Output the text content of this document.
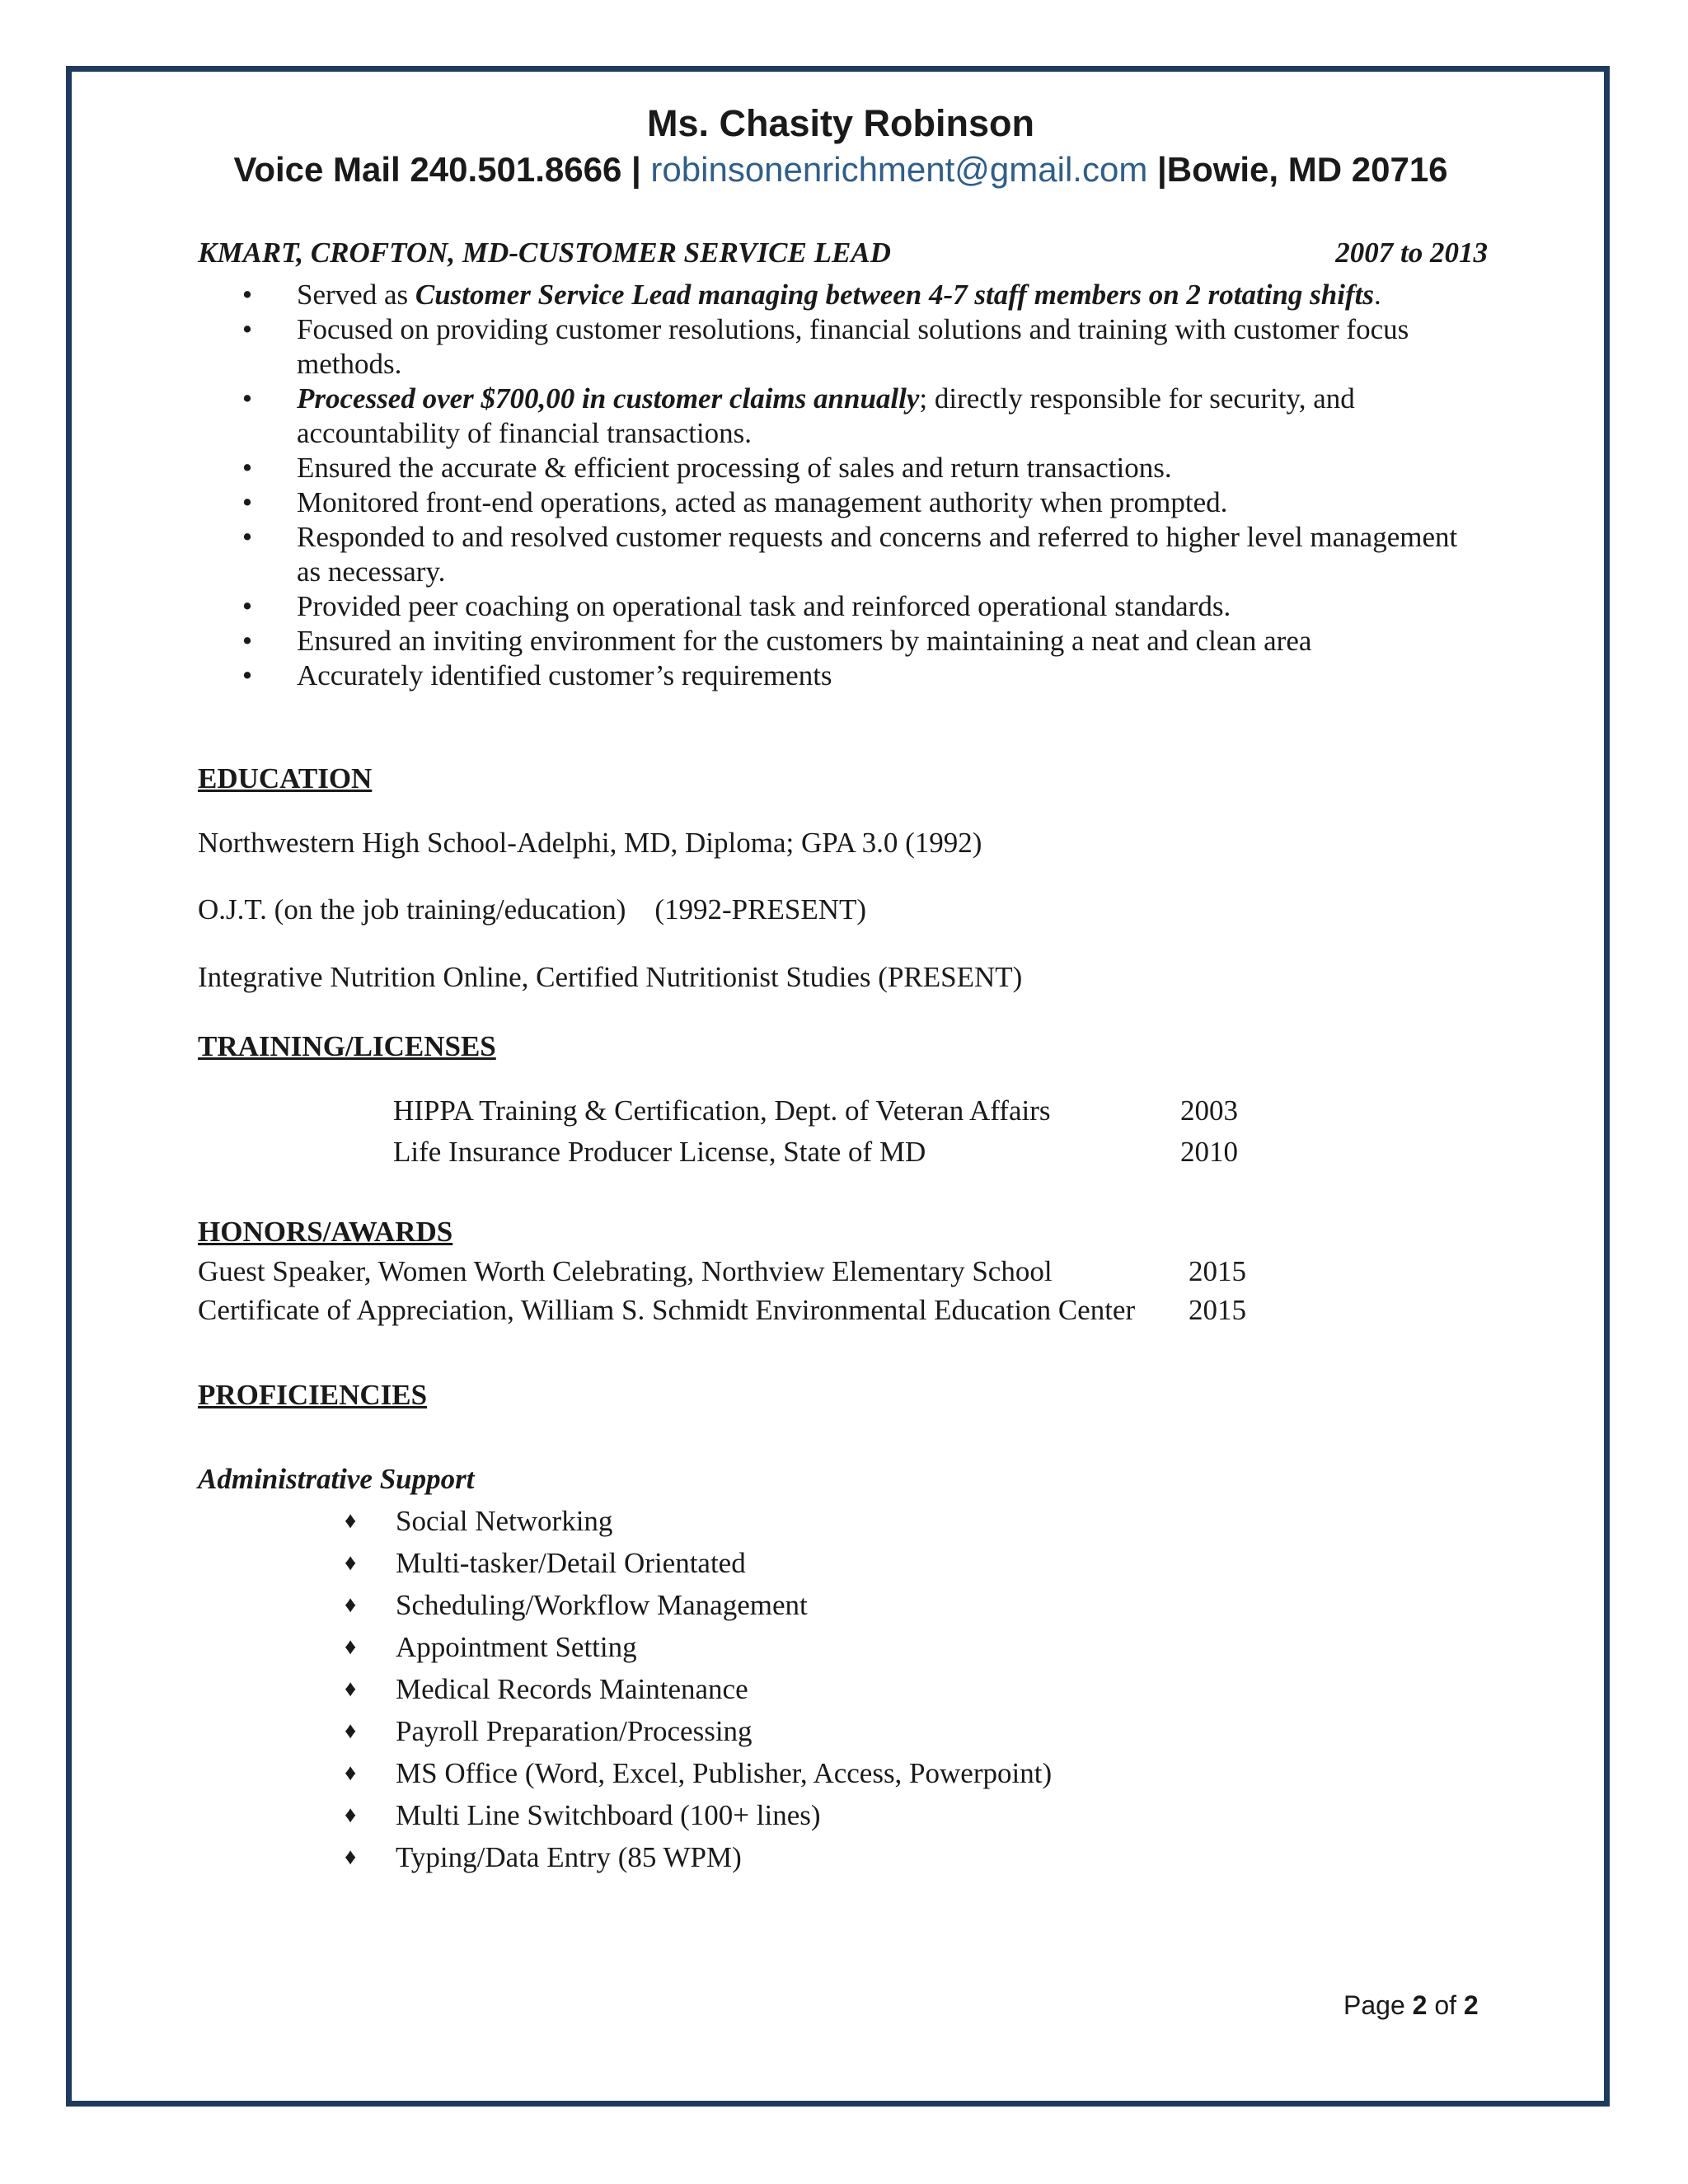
Ms. Chasity Robinson
Voice Mail 240.501.8666 | robinsonenrichment@gmail.com |Bowie, MD 20716
KMART, CROFTON, MD-CUSTOMER SERVICE LEAD	2007 to 2013
•	Served as Customer Service Lead managing between 4-7 staff members on 2 rotating shifts.
•	Focused on providing customer resolutions, financial solutions and training with customer focus methods.
•	Processed over $700,00 in customer claims annually; directly responsible for security, and accountability of financial transactions.
•	Ensured the accurate & efficient processing of sales and return transactions.
•	Monitored front-end operations, acted as management authority when prompted.
•	Responded to and resolved customer requests and concerns and referred to higher level management as necessary.
•	Provided peer coaching on operational task and reinforced operational standards.
•	Ensured an inviting environment for the customers by maintaining a neat and clean area
•	Accurately identified customer’s requirements
EDUCATION
Northwestern High School-Adelphi, MD, Diploma; GPA 3.0 (1992)
O.J.T. (on the job training/education)    (1992-PRESENT)
Integrative Nutrition Online, Certified Nutritionist Studies (PRESENT)
TRAINING/LICENSES
HIPPA Training & Certification, Dept. of Veteran Affairs	2003
Life Insurance Producer License, State of MD	2010
HONORS/AWARDS
Guest Speaker, Women Worth Celebrating, Northview Elementary School	2015
Certificate of Appreciation, William S. Schmidt Environmental Education Center 2015
PROFICIENCIES
Administrative Support
♦	Social Networking
♦	Multi-tasker/Detail Orientated
♦	Scheduling/Workflow Management
♦	Appointment Setting
♦	Medical Records Maintenance
♦	Payroll Preparation/Processing
♦	MS Office (Word, Excel, Publisher, Access, Powerpoint)
♦	Multi Line Switchboard (100+ lines)
♦	Typing/Data Entry (85 WPM)
Page 2 of 2
